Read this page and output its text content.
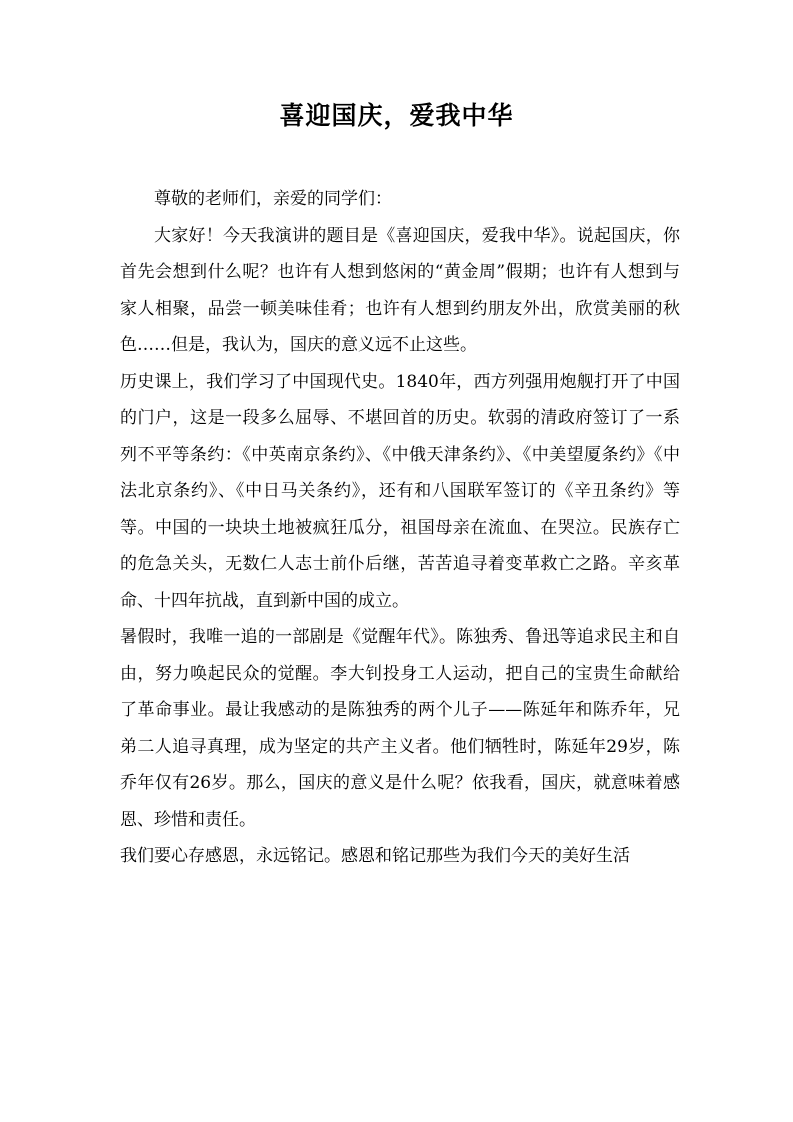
喜迎国庆，爱我中华

尊敬的老师们，亲爱的同学们：

大家好！今天我演讲的题目是《喜迎国庆，爱我中华》。说起国庆，你首先会想到什么呢？也许有人想到悠闲的“黄金周”假期；也许有人想到与家人相聚，品尝一顿美味佳肴；也许有人想到约朋友外出，欣赏美丽的秋色……但是，我认为，国庆的意义远不止这些。

历史课上，我们学习了中国现代史。1840年，西方列强用炮舰打开了中国的门户，这是一段多么屈辱、不堪回首的历史。软弱的清政府签订了一系列不平等条约：《中英南京条约》、《中俄天津条约》、《中美望厦条约》《中法北京条约》、《中日马关条约》，还有和八国联军签订的《辛丑条约》等等。中国的一块块土地被疯狂瓜分，祖国母亲在流血、在哭泣。民族存亡的危急关头，无数仁人志士前仆后继，苦苦追寻着变革救亡之路。辛亥革命、十四年抗战，直到新中国的成立。

暑假时，我唯一追的一部剧是《觉醒年代》。陈独秀、鲁迅等追求民主和自由，努力唤起民众的觉醒。李大钊投身工人运动，把自己的宝贵生命献给了革命事业。最让我感动的是陈独秀的两个儿子——陈延年和陈乔年，兄弟二人追寻真理，成为坚定的共产主义者。他们牺牲时，陈延年29岁，陈乔年仅有26岁。那么，国庆的意义是什么呢？依我看，国庆，就意味着感恩、珍惜和责任。

我们要心存感恩，永远铭记。感恩和铭记那些为我们今天的美好生活
